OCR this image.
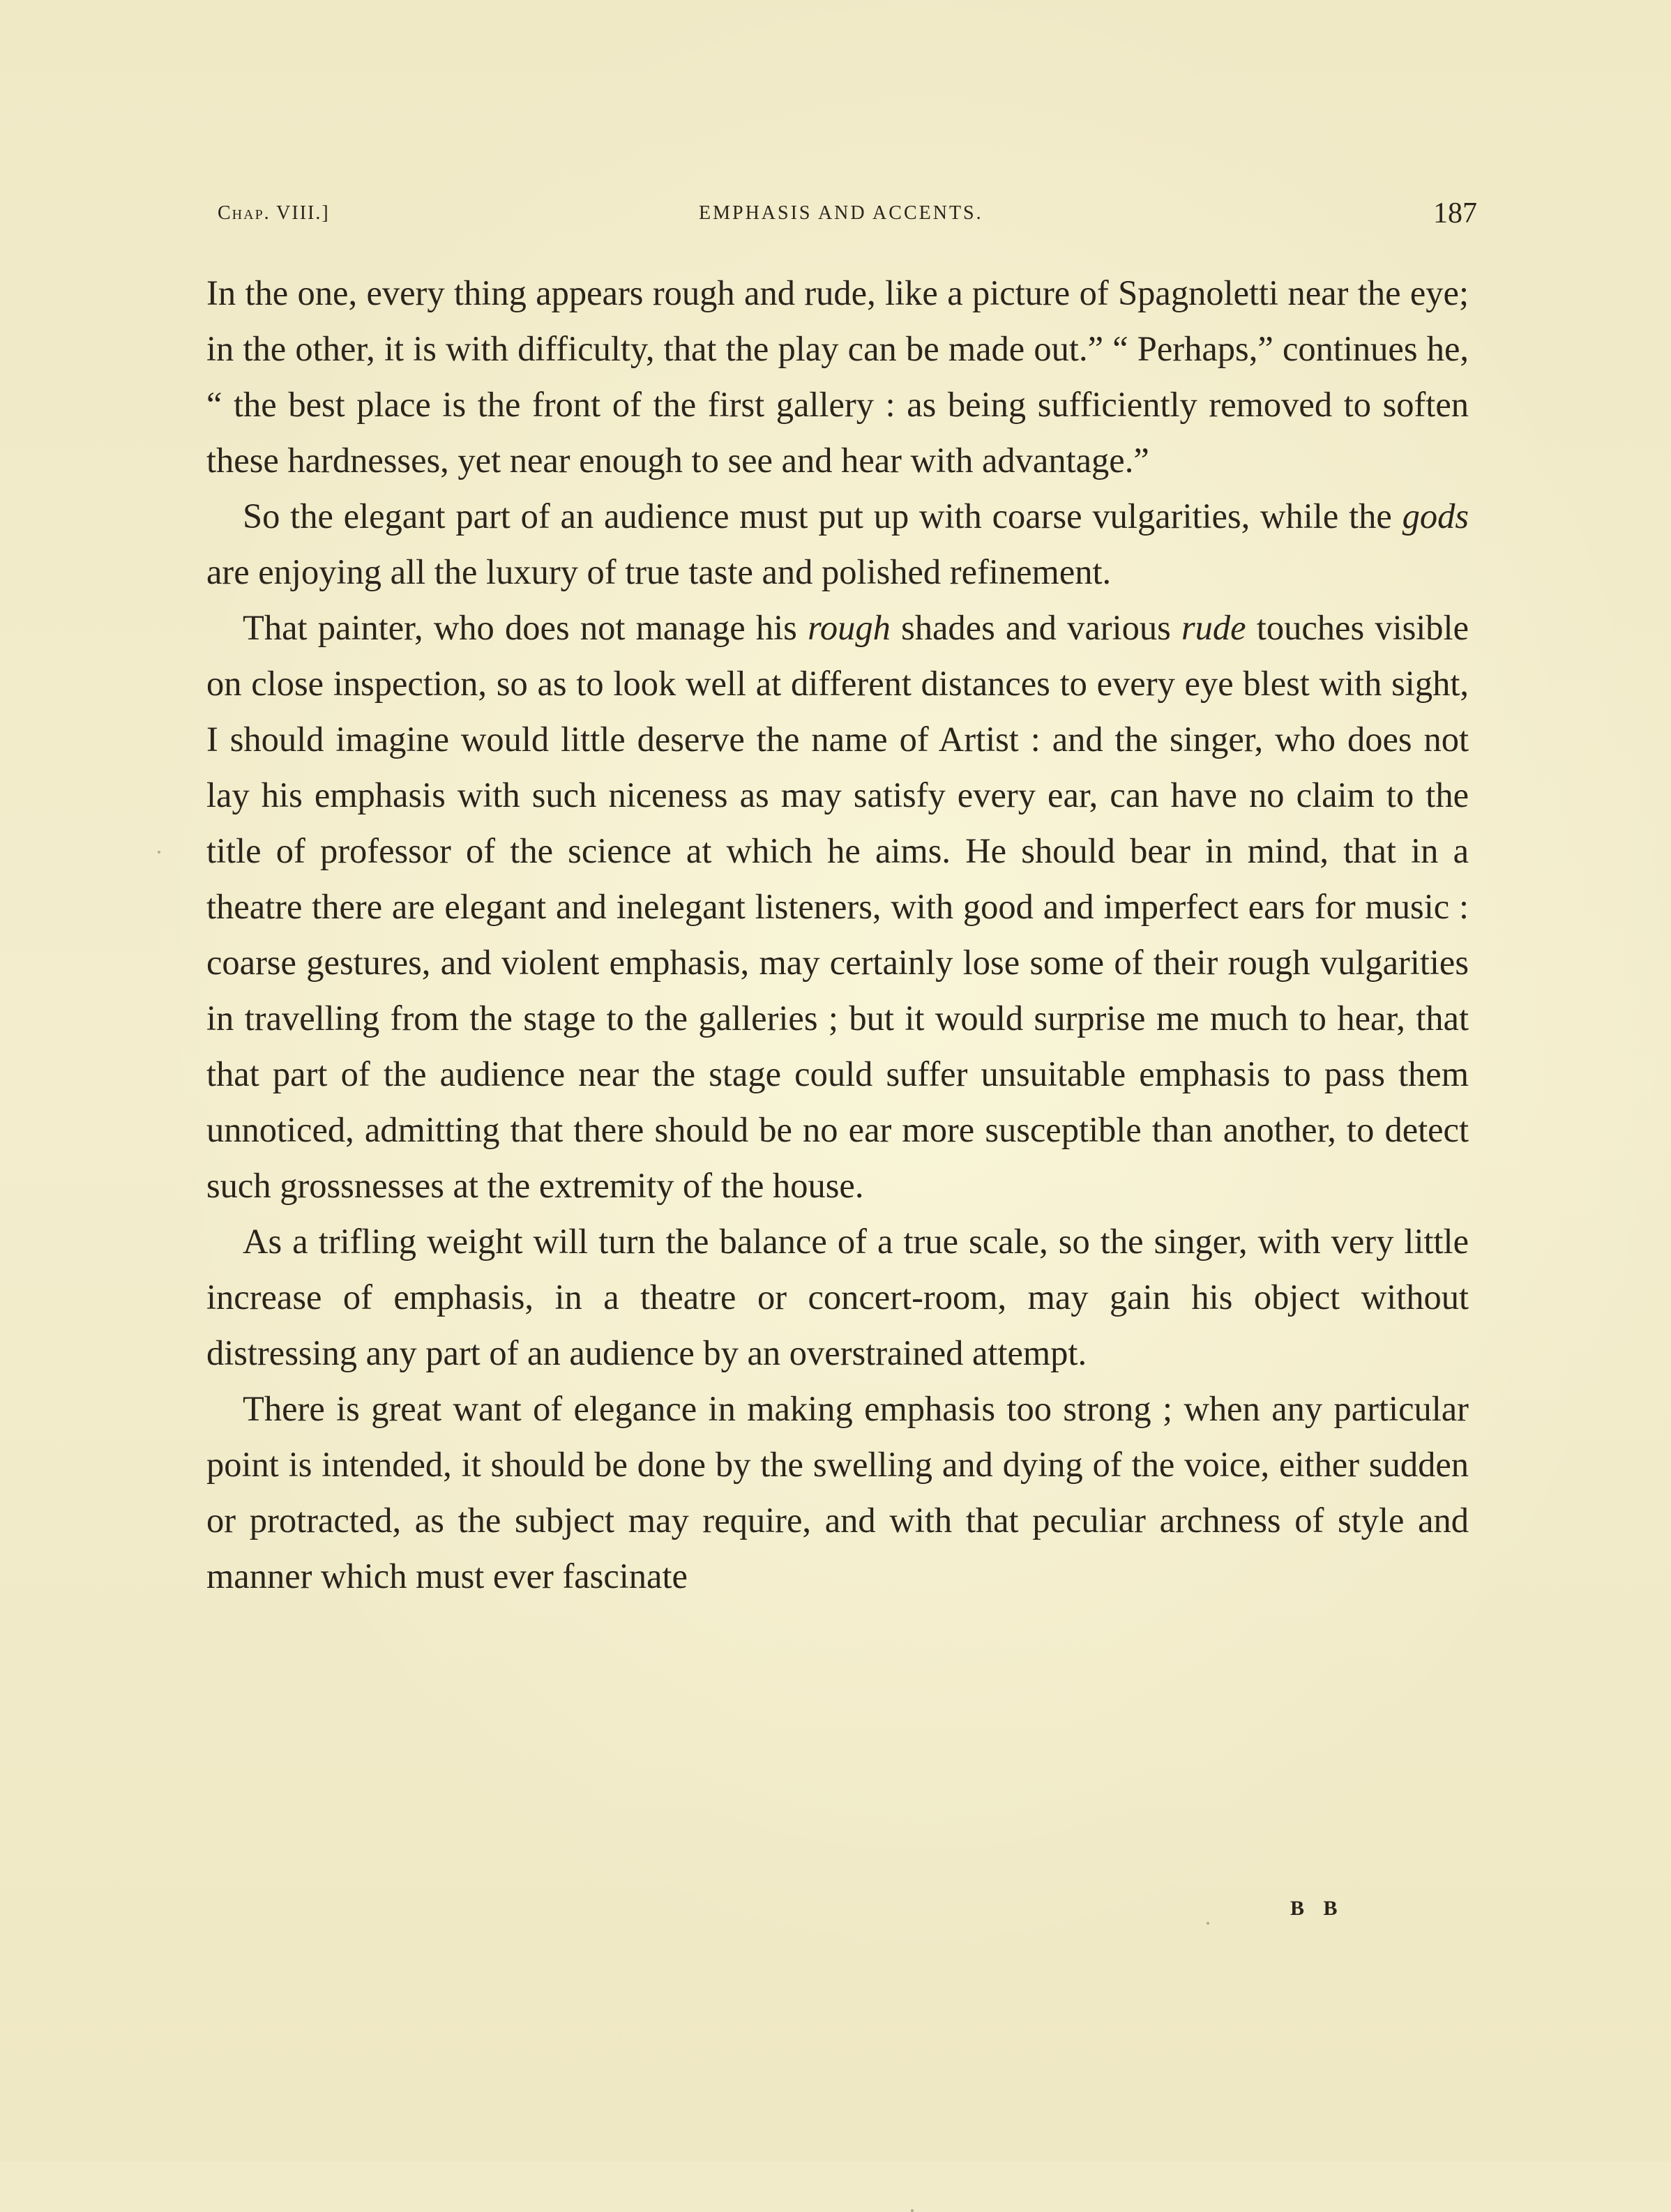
Chap. VIII.]	EMPHASIS AND ACCENTS.	187

In the one, every thing appears rough and rude, like a picture of Spagnoletti near the eye; in the other, it is with difficulty, that the play can be made out.” “ Perhaps,” continues he, “ the best place is the front of the first gallery : as being sufficiently removed to soften these hardnesses, yet near enough to see and hear with advantage.”

So the elegant part of an audience must put up with coarse vulgarities, while the gods are enjoying all the luxury of true taste and polished refinement.

That painter, who does not manage his rough shades and various rude touches visible on close inspection, so as to look well at different distances to every eye blest with sight, I should imagine would little deserve the name of Artist : and the singer, who does not lay his emphasis with such niceness as may satisfy every ear, can have no claim to the title of professor of the science at which he aims. He should bear in mind, that in a theatre there are elegant and inelegant listeners, with good and imperfect ears for music : coarse gestures, and violent emphasis, may certainly lose some of their rough vulgarities in travelling from the stage to the galleries ; but it would surprise me much to hear, that that part of the audience near the stage could suffer unsuitable emphasis to pass them unnoticed, admitting that there should be no ear more susceptible than another, to detect such grossnesses at the extremity of the house.

As a trifling weight will turn the balance of a true scale, so the singer, with very little increase of emphasis, in a theatre or concert-room, may gain his object without distressing any part of an audience by an overstrained attempt.

There is great want of elegance in making emphasis too strong ; when any particular point is intended, it should be done by the swelling and dying of the voice, either sudden or protracted, as the subject may require, and with that peculiar archness of style and manner which must ever fascinate

B B
